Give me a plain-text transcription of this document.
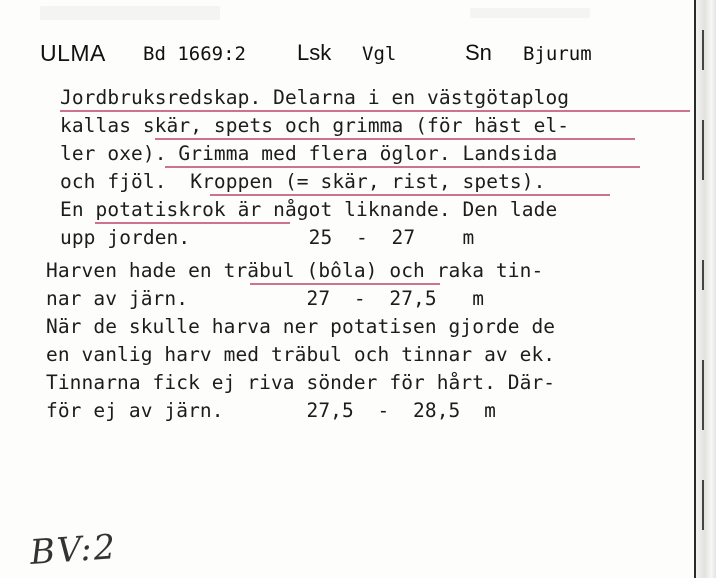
ULMA Bd 1669:2 Lsk Vgl	Sn Bjurum
Jordbruksredskap. Delarna i en västgötaplog
kallas skär, spets och grimma (för häst el-
ler oxe). Grimma med flera öglor. Landsida
och fjöl.  Kroppen (= skär, rist, spets).
En potatiskrok är något liknande. Den lade
upp jorden.          25  -  27    m
Harven hade en träbul (bôla) och raka tin-
nar av järn.          27  -  27,5   m
När de skulle harva ner potatisen gjorde de
en vanlig harv med träbul och tinnar av ek.
Tinnarna fick ej riva sönder för hårt. Där-
för ej av järn.       27,5  -  28,5  m
BV:2
